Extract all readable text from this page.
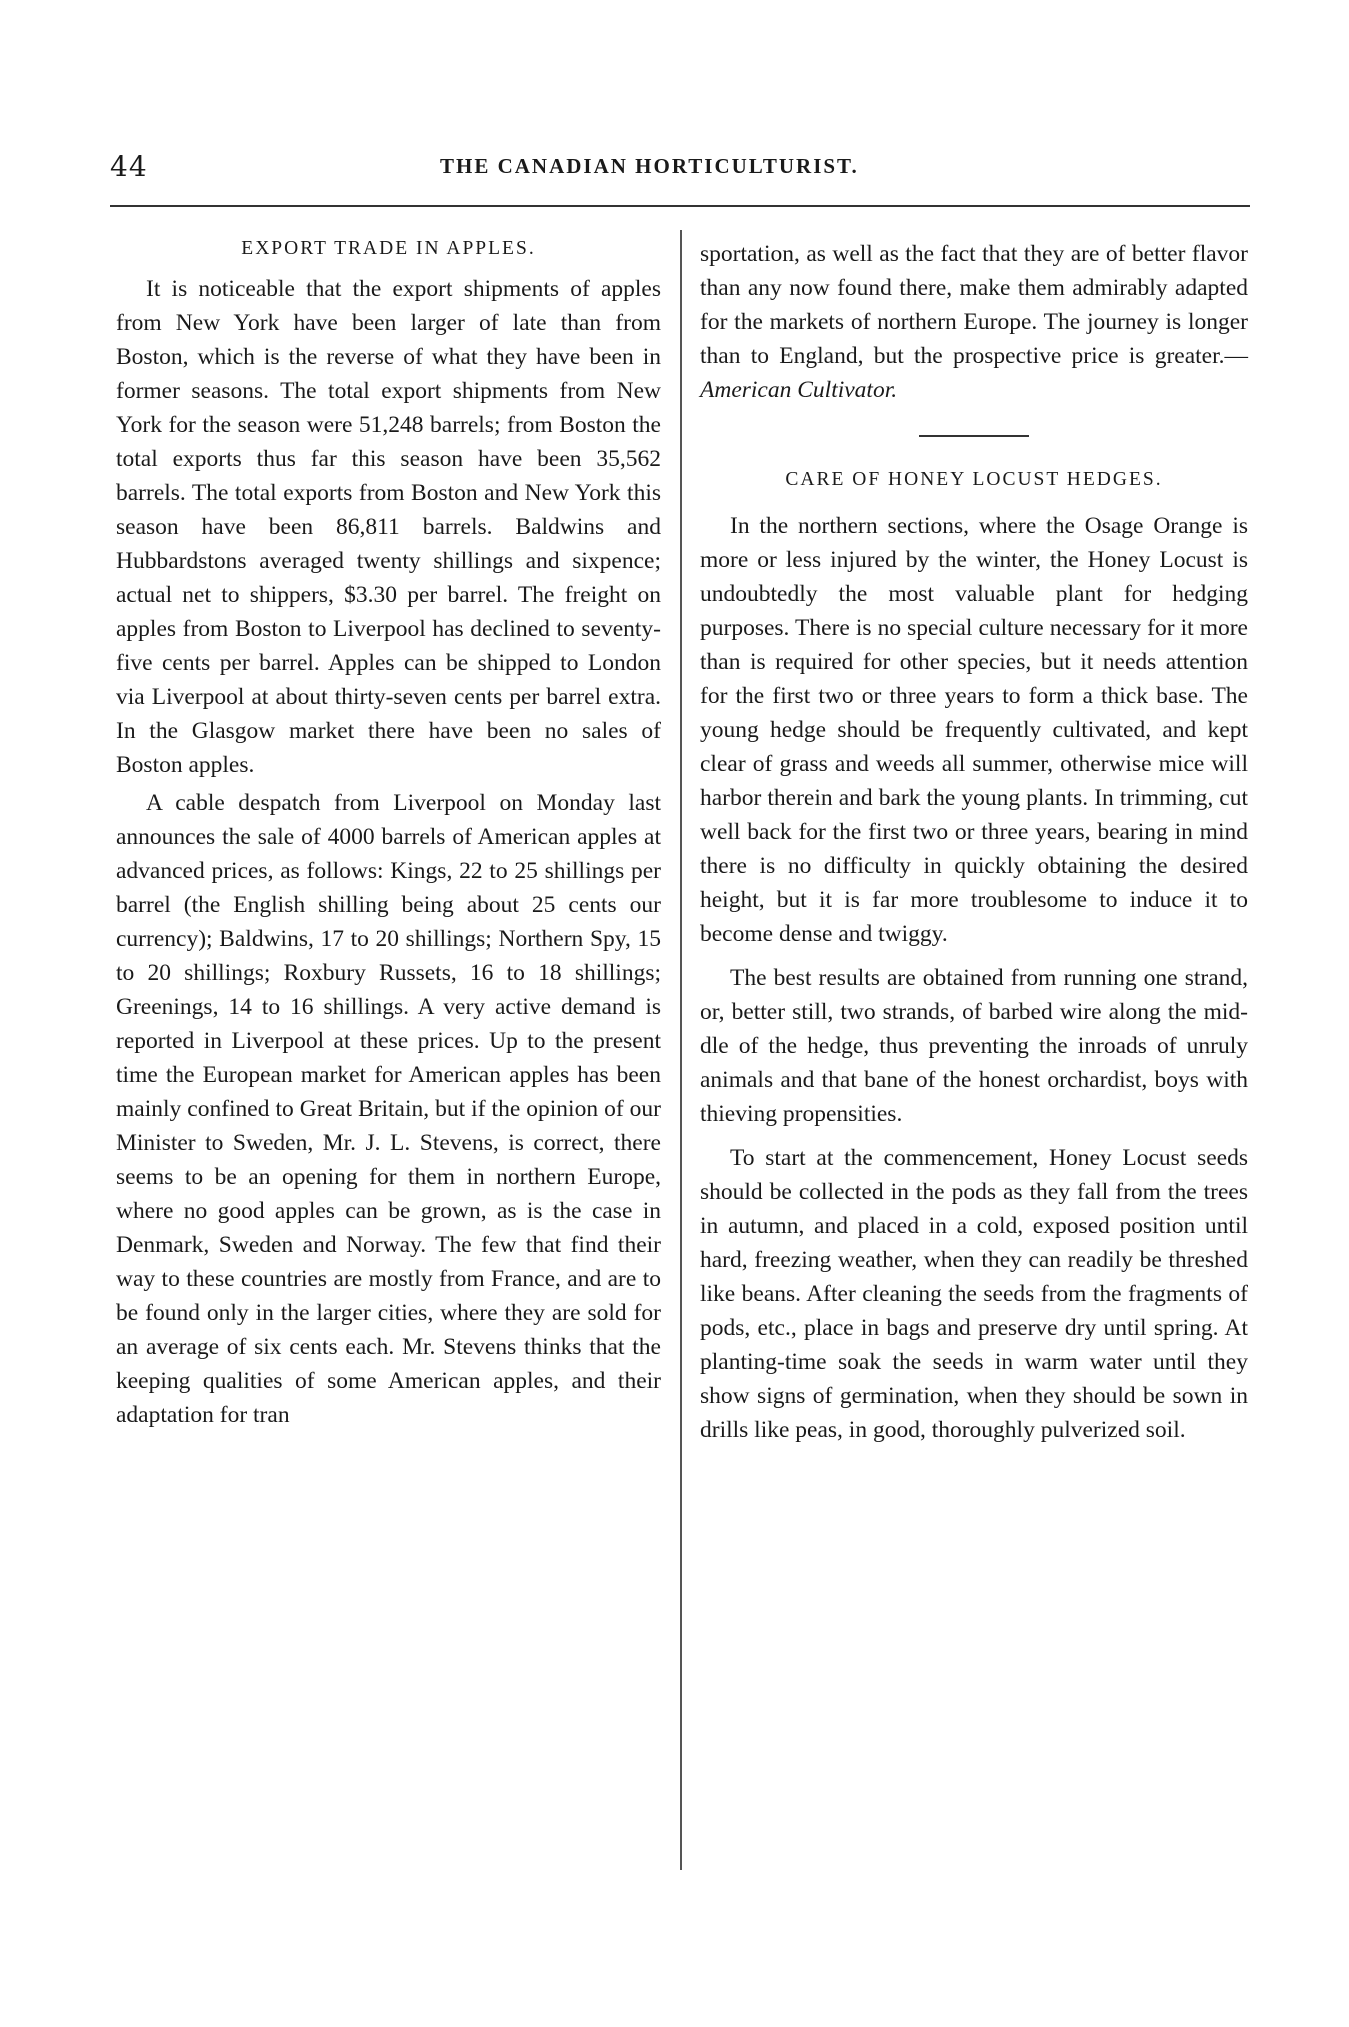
44	THE CANADIAN HORTICULTURIST.
EXPORT TRADE IN APPLES.

It is noticeable that the export shipments of apples from New York have been larger of late than from Boston, which is the reverse of what they have been in former seasons. The total export shipments from New York for the season were 51,248 barrels; from Boston the total exports thus far this season have been 35,562 barrels. The total exports from Boston and New York this season have been 86,811 barrels. Baldwins and Hubbardstons averaged twenty shillings and sixpence; actual net to shippers, $3.30 per barrel. The freight on apples from Boston to Liverpool has declined to seventy-five cents per barrel. Apples can be shipped to London via Liverpool at about thirty-seven cents per barrel extra. In the Glasgow market there have been no sales of Boston apples.

A cable despatch from Liverpool on Monday last announces the sale of 4000 barrels of American apples at advanced prices, as follows: Kings, 22 to 25 shillings per barrel (the English shilling being about 25 cents our currency); Baldwins, 17 to 20 shillings; Northern Spy, 15 to 20 shillings; Roxbury Russets, 16 to 18 shillings; Greenings, 14 to 16 shillings. A very active demand is reported in Liverpool at these prices. Up to the present time the European market for American apples has been mainly confined to Great Britain, but if the opinion of our Minister to Sweden, Mr. J. L. Stevens, is correct, there seems to be an opening for them in northern Europe, where no good apples can be grown, as is the case in Denmark, Sweden and Norway. The few that find their way to these countries are mostly from France, and are to be found only in the larger cities, where they are sold for an average of six cents each. Mr. Stevens thinks that the keeping qualities of some American apples, and their adaptation for tran

sportation, as well as the fact that they are of better flavor than any now found there, make them admirably adapted for the markets of northern Europe. The journey is longer than to England, but the prospective price is greater.— American Cultivator.

CARE OF HONEY LOCUST HEDGES.

In the northern sections, where the Osage Orange is more or less injured by the winter, the Honey Locust is undoubtedly the most valuable plant for hedging purposes. There is no special culture necessary for it more than is required for other species, but it needs attention for the first two or three years to form a thick base. The young hedge should be frequently cultivated, and kept clear of grass and weeds all summer, otherwise mice will harbor therein and bark the young plants. In trimming, cut well back for the first two or three years, bearing in mind there is no difficulty in quickly obtaining the desired height, but it is far more troublesome to induce it to become dense and twiggy.

The best results are obtained from running one strand, or, better still, two strands, of barbed wire along the middle of the hedge, thus preventing the inroads of unruly animals and that bane of the honest orchardist, boys with thieving propensities.

To start at the commencement, Honey Locust seeds should be collected in the pods as they fall from the trees in autumn, and placed in a cold, exposed position until hard, freezing weather, when they can readily be threshed like beans. After cleaning the seeds from the fragments of pods, etc., place in bags and preserve dry until spring. At planting-time soak the seeds in warm water until they show signs of germination, when they should be sown in drills like peas, in good, thoroughly pulverized soil.
